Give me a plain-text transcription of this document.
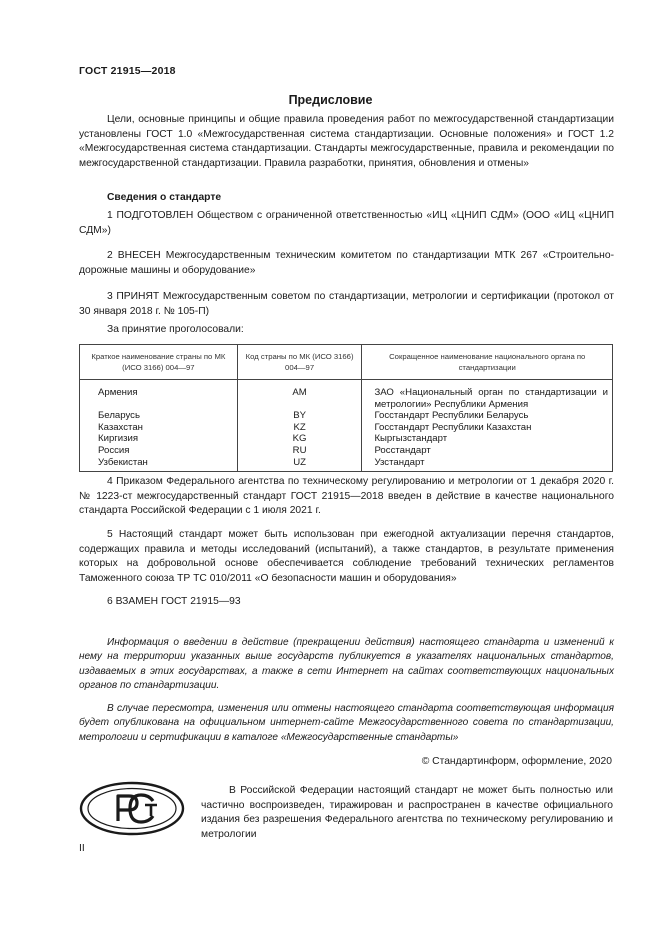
ГОСТ 21915—2018
Предисловие
Цели, основные принципы и общие правила проведения работ по межгосударственной стандартизации установлены ГОСТ 1.0 «Межгосударственная система стандартизации. Основные положения» и ГОСТ 1.2 «Межгосударственная система стандартизации. Стандарты межгосударственные, правила и рекомендации по межгосударственной стандартизации. Правила разработки, принятия, обновления и отмены»
Сведения о стандарте
1 ПОДГОТОВЛЕН Обществом с ограниченной ответственностью «ИЦ «ЦНИП СДМ» (ООО «ИЦ «ЦНИП СДМ»)
2 ВНЕСЕН Межгосударственным техническим комитетом по стандартизации МТК 267 «Строительно-дорожные машины и оборудование»
3 ПРИНЯТ Межгосударственным советом по стандартизации, метрологии и сертификации (протокол от 30 января 2018 г. № 105-П)
За принятие проголосовали:
Краткое наименование страны по МК (ИСО 3166) 004—97	Код страны по МК (ИСО 3166) 004—97	Сокращенное наименование национального органа по стандартизации
Армения	AM	ЗАО «Национальный орган по стандартизации и метрологии» Республики Армения
Беларусь	BY	Госстандарт Республики Беларусь
Казахстан	KZ	Госстандарт Республики Казахстан
Киргизия	KG	Кыргызстандарт
Россия	RU	Росстандарт
Узбекистан	UZ	Узстандарт
4 Приказом Федерального агентства по техническому регулированию и метрологии от 1 декабря 2020 г. № 1223-ст межгосударственный стандарт ГОСТ 21915—2018 введен в действие в качестве национального стандарта Российской Федерации с 1 июля 2021 г.
5 Настоящий стандарт может быть использован при ежегодной актуализации перечня стандартов, содержащих правила и методы исследований (испытаний), а также стандартов, в результате применения которых на добровольной основе обеспечивается соблюдение требований технических регламентов Таможенного союза ТР ТС 010/2011 «О безопасности машин и оборудования»
6 ВЗАМЕН ГОСТ 21915—93
Информация о введении в действие (прекращении действия) настоящего стандарта и изменений к нему на территории указанных выше государств публикуется в указателях национальных стандартов, издаваемых в этих государствах, а также в сети Интернет на сайтах соответствующих национальных органов по стандартизации.
В случае пересмотра, изменения или отмены настоящего стандарта соответствующая информация будет опубликована на официальном интернет-сайте Межгосударственного совета по стандартизации, метрологии и сертификации в каталоге «Межгосударственные стандарты»
© Стандартинформ, оформление, 2020
В Российской Федерации настоящий стандарт не может быть полностью или частично воспроизведен, тиражирован и распространен в качестве официального издания без разрешения Федерального агентства по техническому регулированию и метрологии
II
